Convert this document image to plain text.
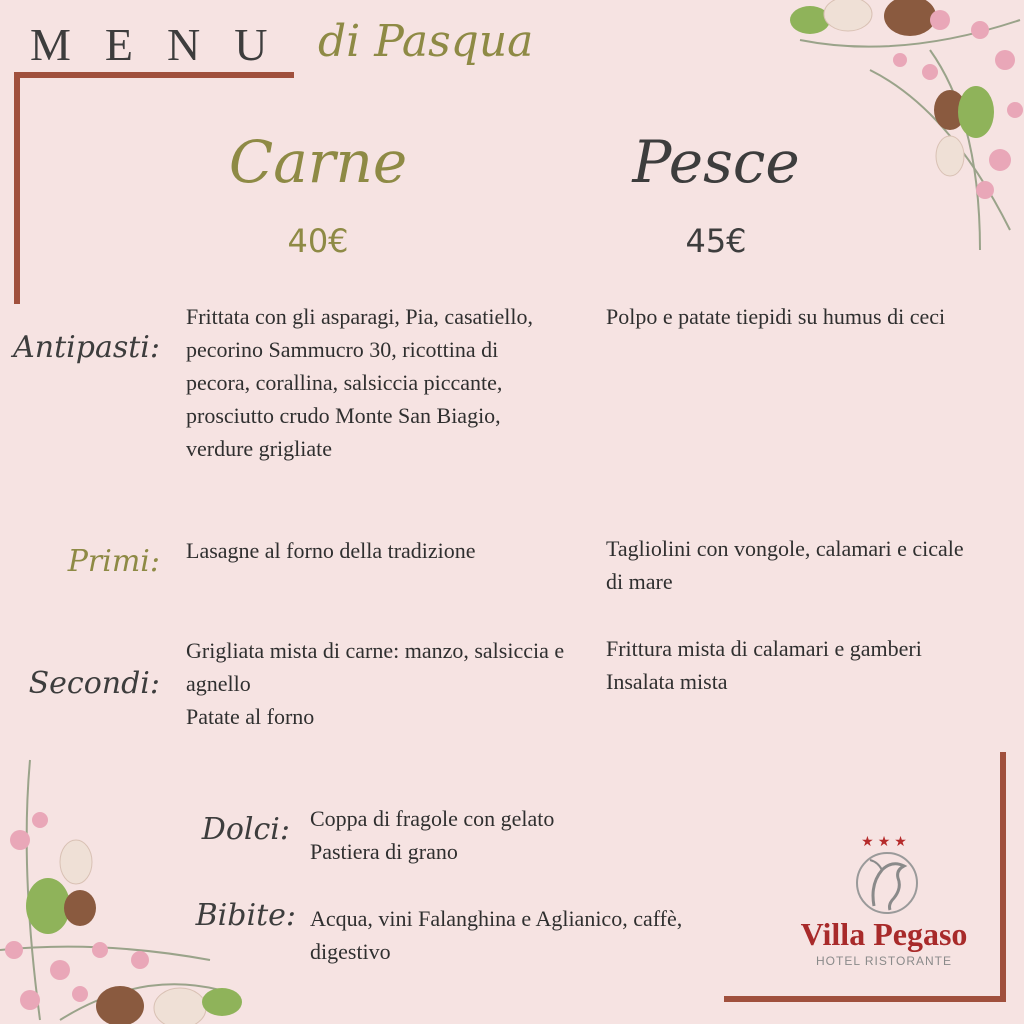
MENU di Pasqua
Carne
40€
Pesce
45€
Antipasti:
Frittata con gli asparagi, Pia, casatiello, pecorino Sammucro 30, ricottina di pecora, corallina, salsiccia piccante, prosciutto crudo Monte San Biagio, verdure grigliate
Polpo e patate tiepidi su humus di ceci
Primi: Lasagne al forno della tradizione	Tagliolini con vongole, calamari e cicale di mare
Secondi:
Grigliata mista di carne: manzo, salsiccia e agnello
Patate al forno
Frittura mista di calamari e gamberi
Insalata mista
Dolci: Coppa di fragole con gelato
Pastiera di grano
Bibite: Acqua, vini Falanghina e Aglianico, caffè, digestivo
★★★
Villa Pegaso
HOTEL RISTORANTE
